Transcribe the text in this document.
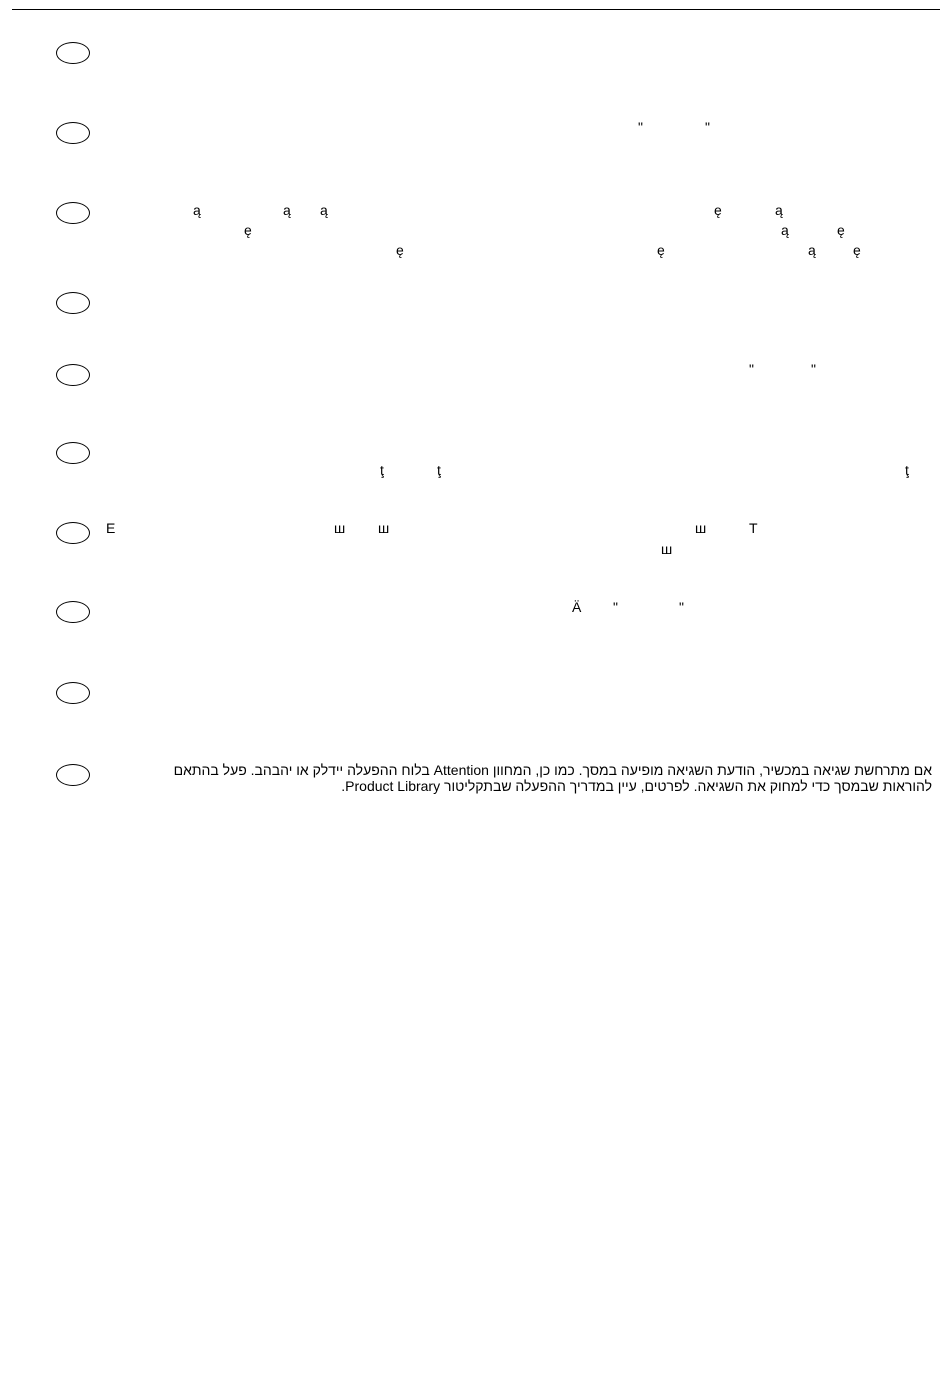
"	"
ą	ą ą	ę	ą
ę	ą	ę
ę	ę	ą	ę
"	"
ţ	ţ	ţ
E	ш ш	ш	T
ш
Ä "	"
אם מתרחשת שגיאה במכשיר, הודעת השגיאה מופיעה במסך. כמו כן, המחוון Attention בלוח ההפעלה יידלק או יהבהב. פעל בהתאם
להוראות שבמסך כדי למחוק את השגיאה. לפרטים, עיין במדריך ההפעלה שבתקליטור Product Library.
